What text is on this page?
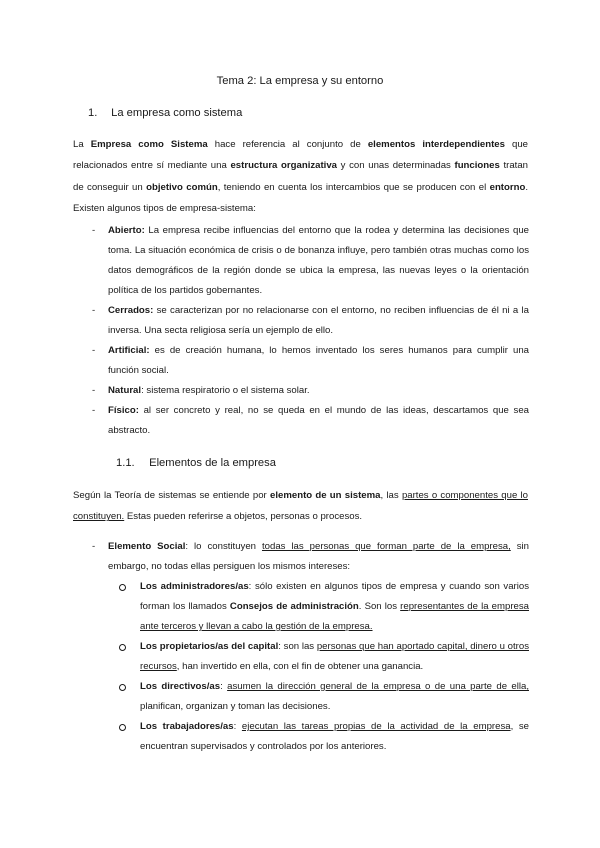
Tema 2: La empresa y su entorno
1. La empresa como sistema
La Empresa como Sistema hace referencia al conjunto de elementos interdependientes que relacionados entre sí mediante una estructura organizativa y con unas determinadas funciones tratan de conseguir un objetivo común, teniendo en cuenta los intercambios que se producen con el entorno. Existen algunos tipos de empresa-sistema:
- Abierto: La empresa recibe influencias del entorno que la rodea y determina las decisiones que toma. La situación económica de crisis o de bonanza influye, pero también otras muchas como los datos demográficos de la región donde se ubica la empresa, las nuevas leyes o la orientación política de los partidos gobernantes.
- Cerrados: se caracterizan por no relacionarse con el entorno, no reciben influencias de él ni a la inversa. Una secta religiosa sería un ejemplo de ello.
- Artificial: es de creación humana, lo hemos inventado los seres humanos para cumplir una función social.
- Natural: sistema respiratorio o el sistema solar.
- Físico: al ser concreto y real, no se queda en el mundo de las ideas, descartamos que sea abstracto.
1.1. Elementos de la empresa
Según la Teoría de sistemas se entiende por elemento de un sistema, las partes o componentes que lo constituyen. Estas pueden referirse a objetos, personas o procesos.
- Elemento Social: lo constituyen todas las personas que forman parte de la empresa, sin embargo, no todas ellas persiguen los mismos intereses:
Los administradores/as: sólo existen en algunos tipos de empresa y cuando son varios forman los llamados Consejos de administración. Son los representantes de la empresa ante terceros y llevan a cabo la gestión de la empresa.
Los propietarios/as del capital: son las personas que han aportado capital, dinero u otros recursos, han invertido en ella, con el fin de obtener una ganancia.
Los directivos/as: asumen la dirección general de la empresa o de una parte de ella, planifican, organizan y toman las decisiones.
Los trabajadores/as: ejecutan las tareas propias de la actividad de la empresa, se encuentran supervisados y controlados por los anteriores.
